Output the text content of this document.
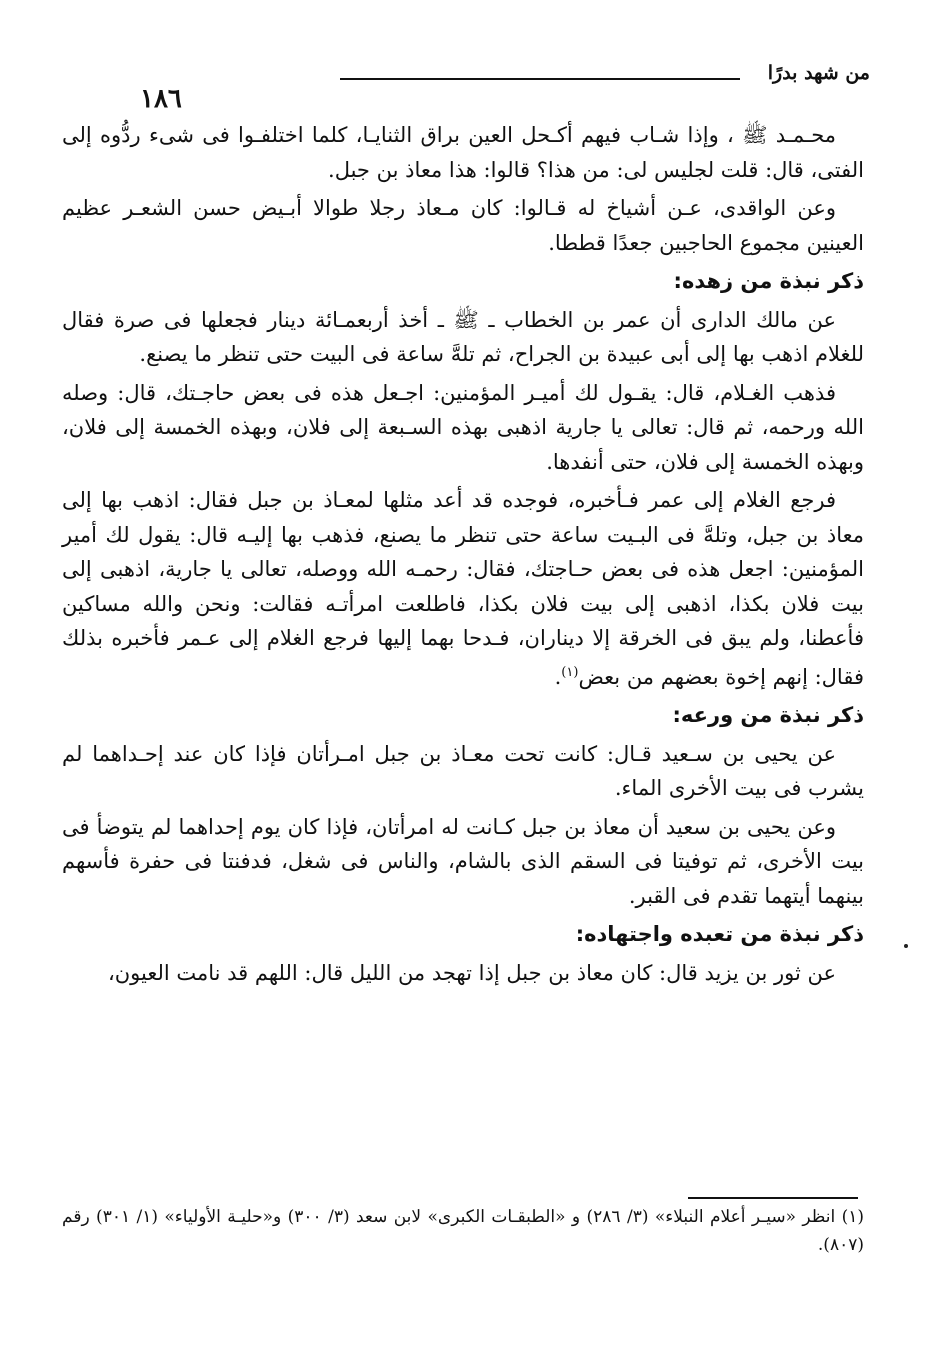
من شهد بدرًا
١٨٦

محـمـد ﷺ ، وإذا شـاب فيهم أكـحل العين براق الثنايـا، كلما اختلفـوا فى شىء ردُّوه إلى الفتى، قال: قلت لجليس لى: من هذا؟ قالوا: هذا معاذ بن جبل.

وعن الواقدى، عـن أشياخ له قـالوا: كان مـعاذ رجلا طوالا أبـيض حسن الشعـر عظيم العينين مجموع الحاجبين جعدًا قططا.

ذكر نبذة من زهده:

عن مالك الدارى أن عمر بن الخطاب ـ ﷺ ـ أخذ أربعمـائة دينار فجعلها فى صرة فقال للغلام اذهب بها إلى أبى عبيدة بن الجراح، ثم تلهَّ ساعة فى البيت حتى تنظر ما يصنع.

فذهب الغـلام، قال: يقـول لك أميـر المؤمنين: اجـعل هذه فى بعض حاجـتك، قال: وصله الله ورحمه، ثم قال: تعالى يا جارية اذهبى بهذه السـبعة إلى فلان، وبهذه الخمسة إلى فلان، وبهذه الخمسة إلى فلان، حتى أنفدها.

فرجع الغلام إلى عمر فـأخبره، فوجده قد أعد مثلها لمعـاذ بن جبل فقال: اذهب بها إلى معاذ بن جبل، وتلهَّ فى البـيت ساعة حتى تنظر ما يصنع، فذهب بها إليـه قال: يقول لك أمير المؤمنين: اجعل هذه فى بعض حـاجتك، فقال: رحمـه الله ووصله، تعالى يا جارية، اذهبى إلى بيت فلان بكذا، اذهبى إلى بيت فلان بكذا، فاطلعت امرأتـه فقالت: ونحن والله مساكين فأعطنا، ولم يبق فى الخرقة إلا ديناران، فـدحا بهما إليها فرجع الغلام إلى عـمر فأخبره بذلك فقال: إنهم إخوة بعضهم من بعض$^{(١)}$.

ذكر نبذة من ورعه:

عن يحيى بن سـعيد قـال: كانت تحت معـاذ بن جبل امـرأتان فإذا كان عند إحـداهما لم يشرب فى بيت الأخرى الماء.

وعن يحيى بن سعيد أن معاذ بن جبل كـانت له امرأتان، فإذا كان يوم إحداهما لم يتوضأ فى بيت الأخرى، ثم توفيتا فى السقم الذى بالشام، والناس فى شغل، فدفنتا فى حفرة فأسهم بينهما أيتهما تقدم فى القبر.

ذكر نبذة من تعبده واجتهاده:

عن ثور بن يزيد قال: كان معاذ بن جبل إذا تهجد من الليل قال: اللهم قد نامت العيون،

(١) انظر «سيـر أعلام النبلاء» (٣/ ٢٨٦) و «الطبقـات الكبرى» لابن سعد (٣/ ٣٠٠) و«حليـة الأولياء» (١/ ٣٠١) رقم (٨٠٧).
